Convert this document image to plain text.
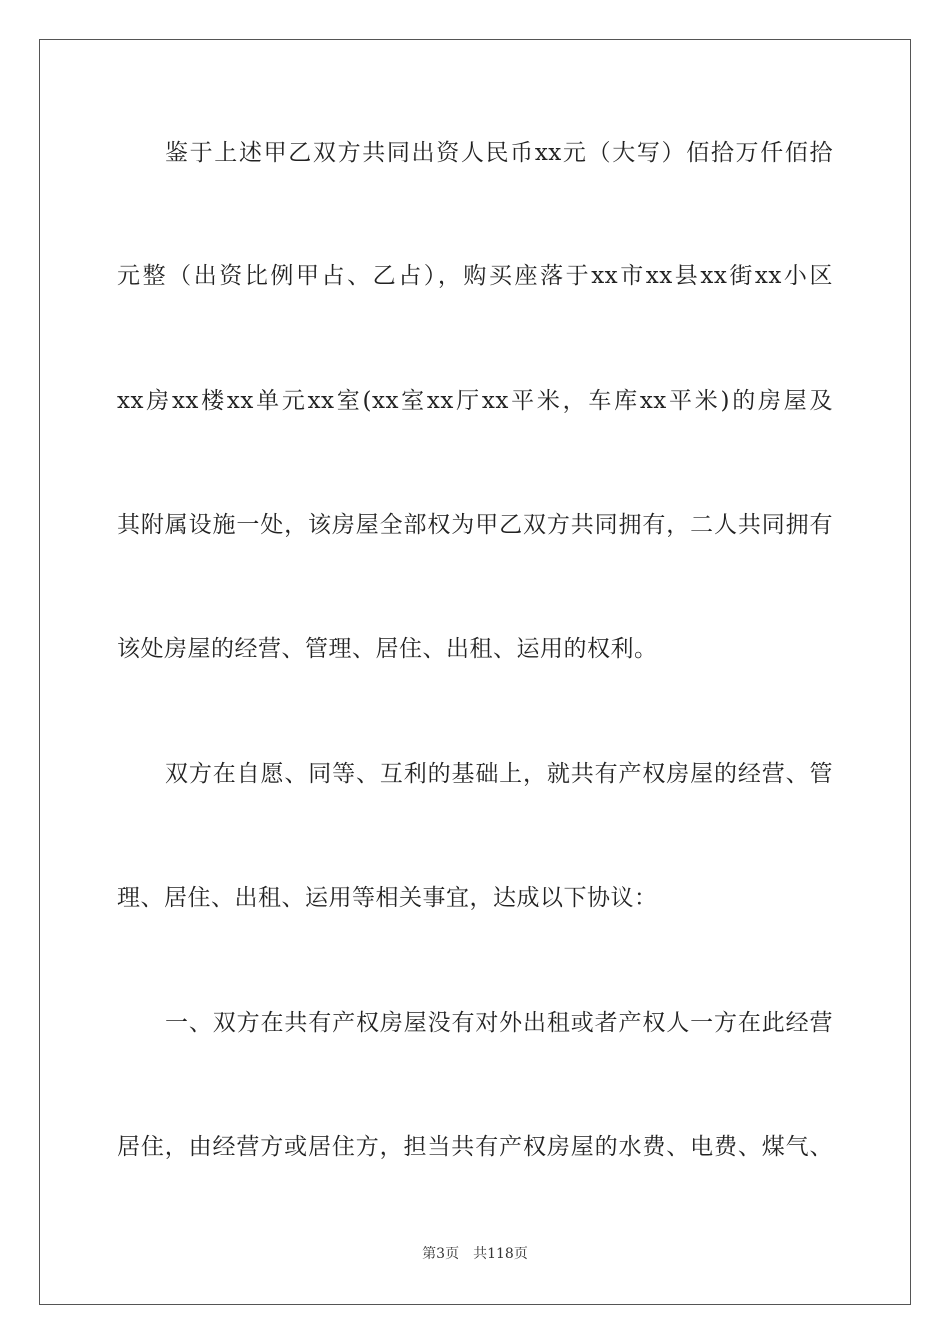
鉴于上述甲乙双方共同出资人民币xx元（大写）佰拾万仟佰拾
元整（出资比例甲占、乙占），购买座落于xx市xx县xx街xx小区
xx房xx楼xx单元xx室(xx室xx厅xx平米，车库xx平米)的房屋及
其附属设施一处，该房屋全部权为甲乙双方共同拥有，二人共同拥有
该处房屋的经营、管理、居住、出租、运用的权利。
双方在自愿、同等、互利的基础上，就共有产权房屋的经营、管
理、居住、出租、运用等相关事宜，达成以下协议：
一、双方在共有产权房屋没有对外出租或者产权人一方在此经营
居住，由经营方或居住方，担当共有产权房屋的水费、电费、煤气、
第3页 共118页
